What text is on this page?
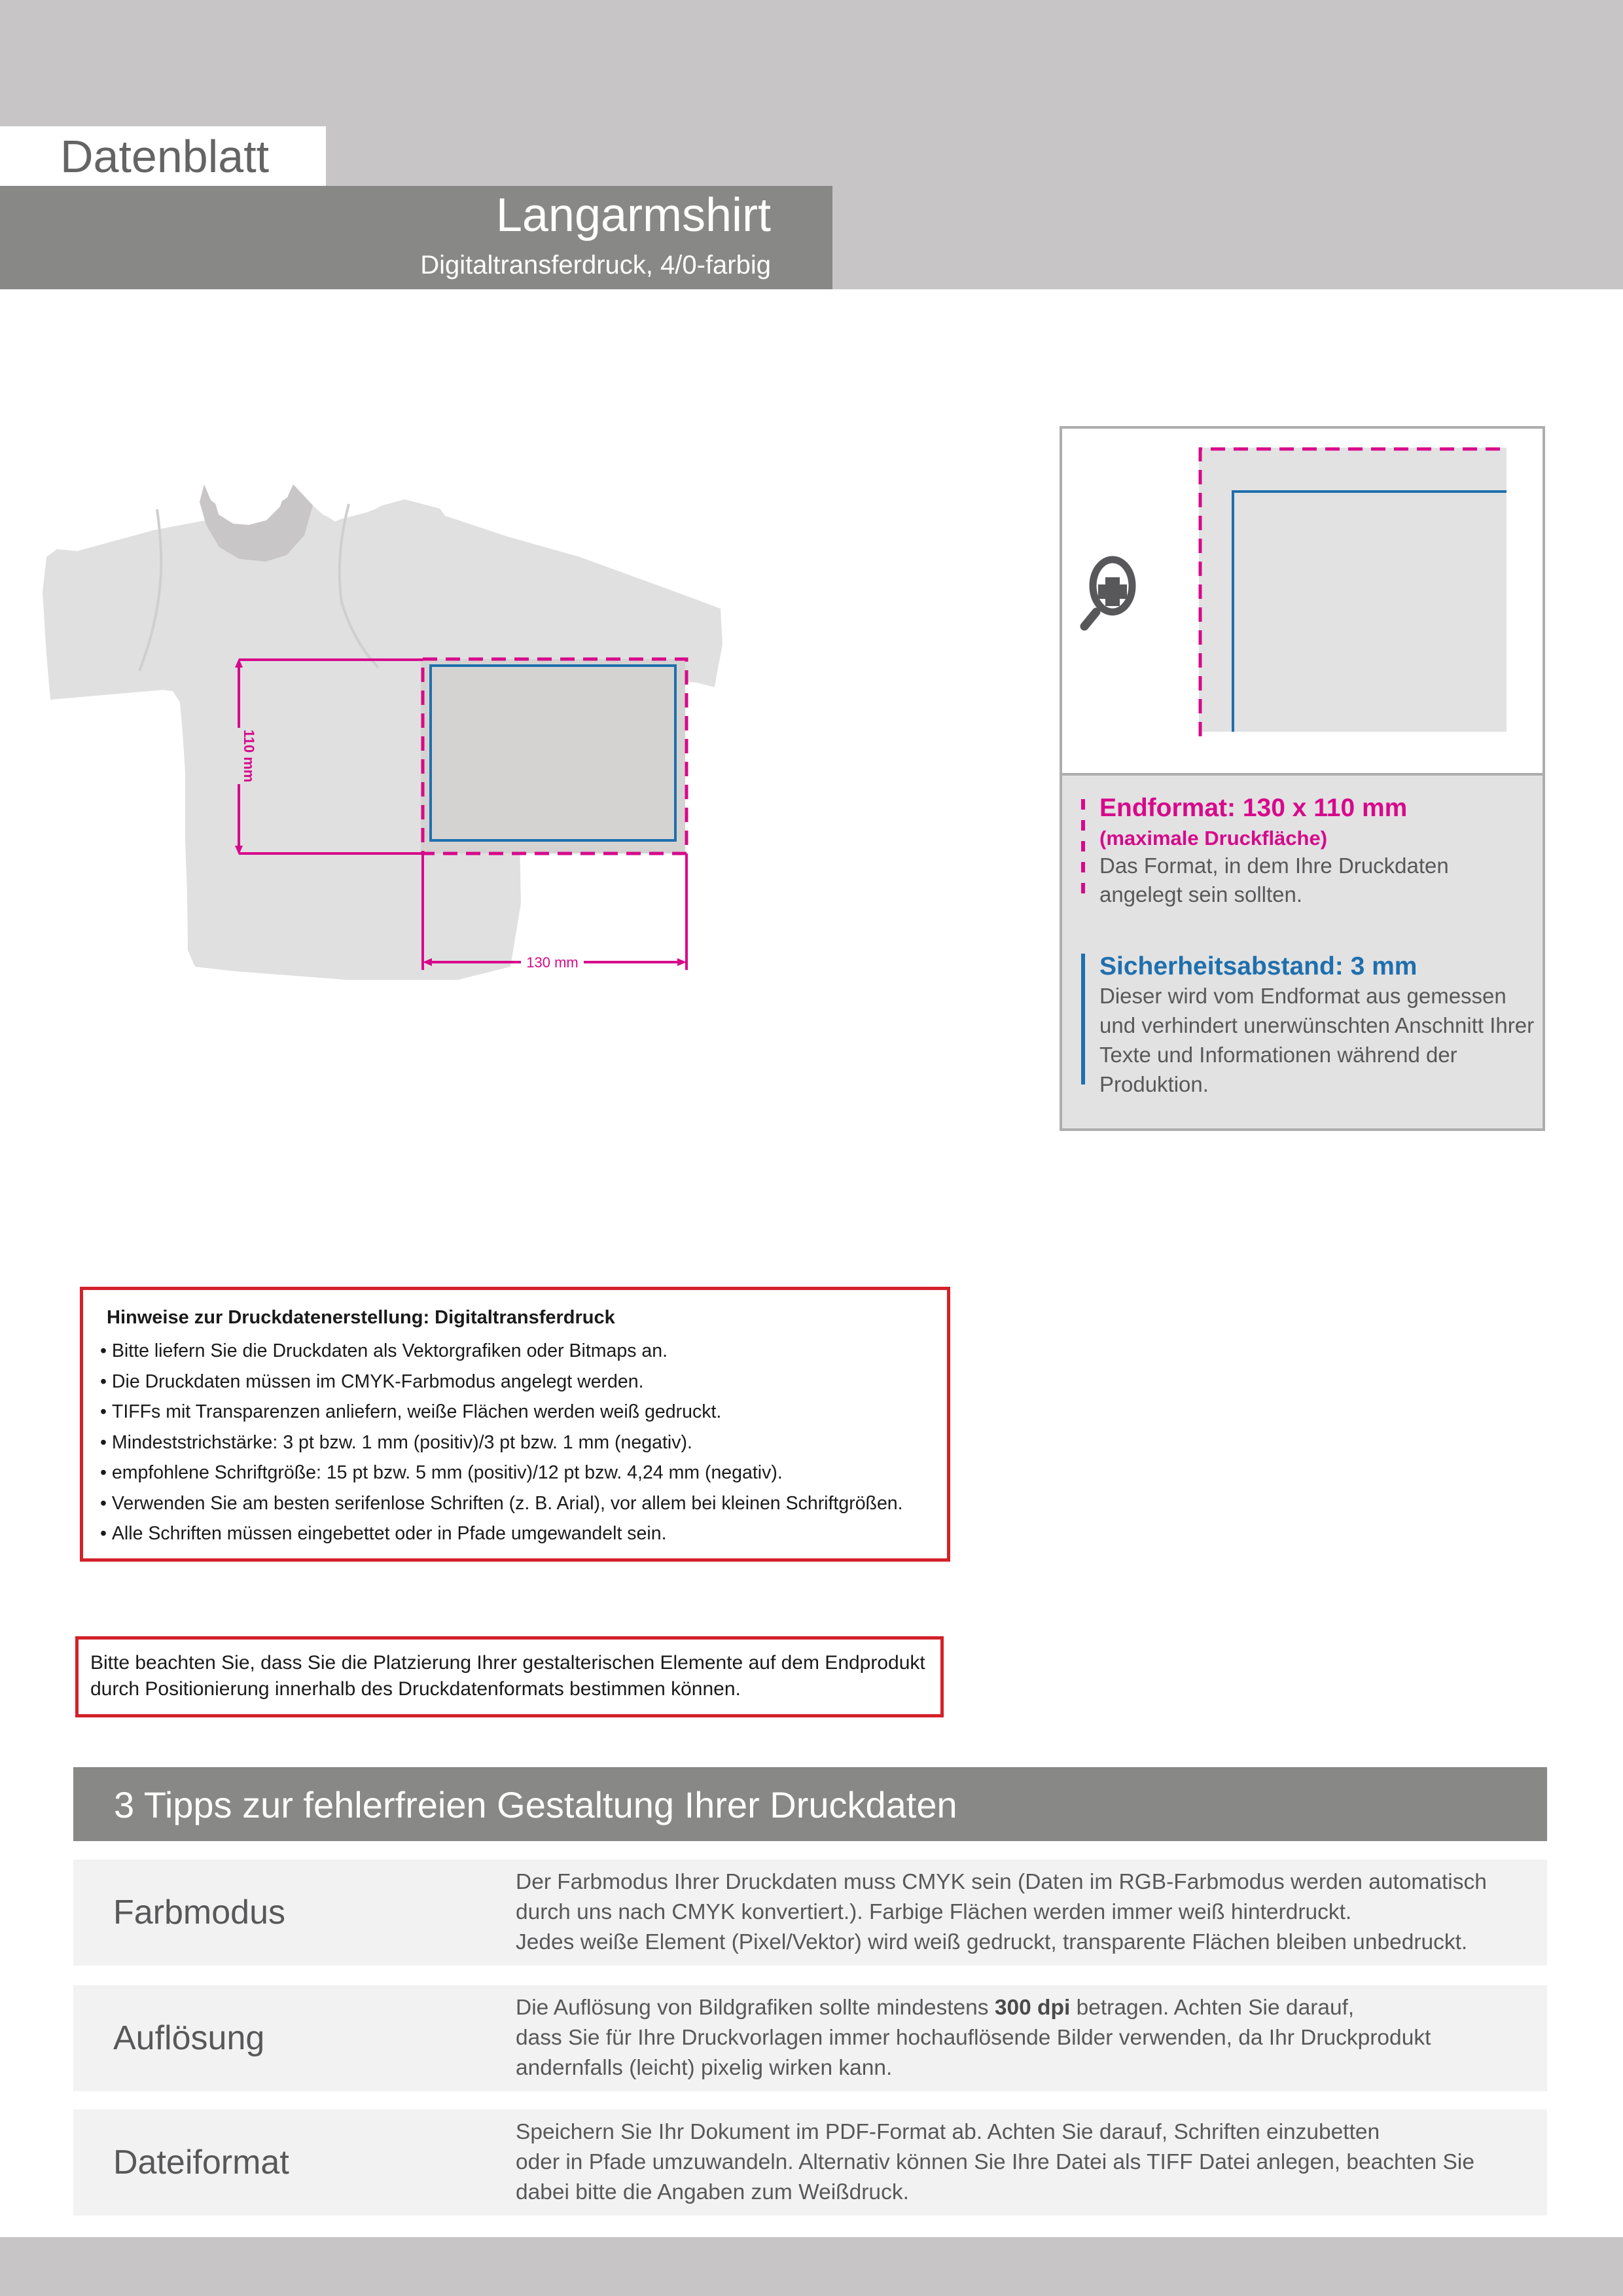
Datenblatt
Langarmshirt
Digitaltransferdruck, 4/0-farbig
110 mm
130 mm
Endformat: 130 x 110 mm
(maximale Druckfläche)
Das Format, in dem Ihre Druckdaten angelegt sein sollten.
Sicherheitsabstand: 3 mm
Dieser wird vom Endformat aus gemessen und verhindert unerwünschten Anschnitt Ihrer Texte und Informationen während der Produktion.
Hinweise zur Druckdatenerstellung: Digitaltransferdruck
• Bitte liefern Sie die Druckdaten als Vektorgrafiken oder Bitmaps an.
• Die Druckdaten müssen im CMYK-Farbmodus angelegt werden.
• TIFFs mit Transparenzen anliefern, weiße Flächen werden weiß gedruckt.
• Mindeststrichstärke: 3 pt bzw. 1 mm (positiv)/3 pt bzw. 1 mm (negativ).
• empfohlene Schriftgröße: 15 pt bzw. 5 mm (positiv)/12 pt bzw. 4,24 mm (negativ).
• Verwenden Sie am besten serifenlose Schriften (z. B. Arial), vor allem bei kleinen Schriftgrößen.
• Alle Schriften müssen eingebettet oder in Pfade umgewandelt sein.
Bitte beachten Sie, dass Sie die Platzierung Ihrer gestalterischen Elemente auf dem Endprodukt durch Positionierung innerhalb des Druckdatenformats bestimmen können.
3 Tipps zur fehlerfreien Gestaltung Ihrer Druckdaten
Farbmodus
Der Farbmodus Ihrer Druckdaten muss CMYK sein (Daten im RGB-Farbmodus werden automatisch
durch uns nach CMYK konvertiert.). Farbige Flächen werden immer weiß hinterdruckt.
Jedes weiße Element (Pixel/Vektor) wird weiß gedruckt, transparente Flächen bleiben unbedruckt.
Auflösung
Die Auflösung von Bildgrafiken sollte mindestens 300 dpi betragen. Achten Sie darauf,
dass Sie für Ihre Druckvorlagen immer hochauflösende Bilder verwenden, da Ihr Druckprodukt
andernfalls (leicht) pixelig wirken kann.
Dateiformat
Speichern Sie Ihr Dokument im PDF-Format ab. Achten Sie darauf, Schriften einzubetten
oder in Pfade umzuwandeln. Alternativ können Sie Ihre Datei als TIFF Datei anlegen, beachten Sie
dabei bitte die Angaben zum Weißdruck.
